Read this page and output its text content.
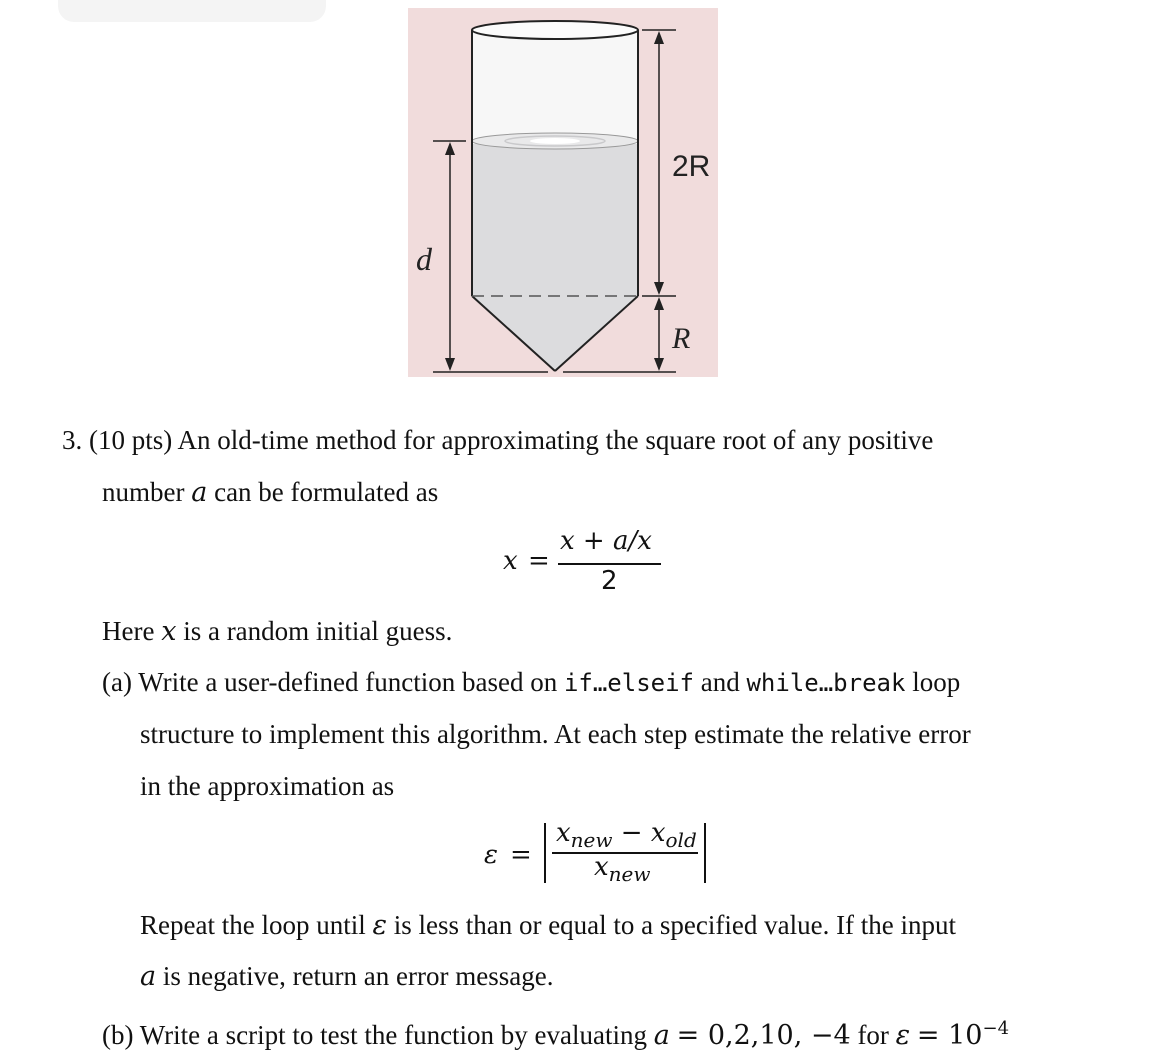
d
2R
R
3. (10 pts) An old-time method for approximating the square root of any positive
number a can be formulated as
x =
x + a/x
2
Here x is a random initial guess.
(a) Write a user-defined function based on if…elseif and while…break loop
structure to implement this algorithm. At each step estimate the relative error
in the approximation as
ε =
$x_{new} - x_{old}$
$x_{new}$
Repeat the loop until ε is less than or equal to a specified value. If the input
a is negative, return an error message.
(b) Write a script to test the function by evaluating a = 0,2,10, −4 for $\varepsilon = 10^{-4}$
